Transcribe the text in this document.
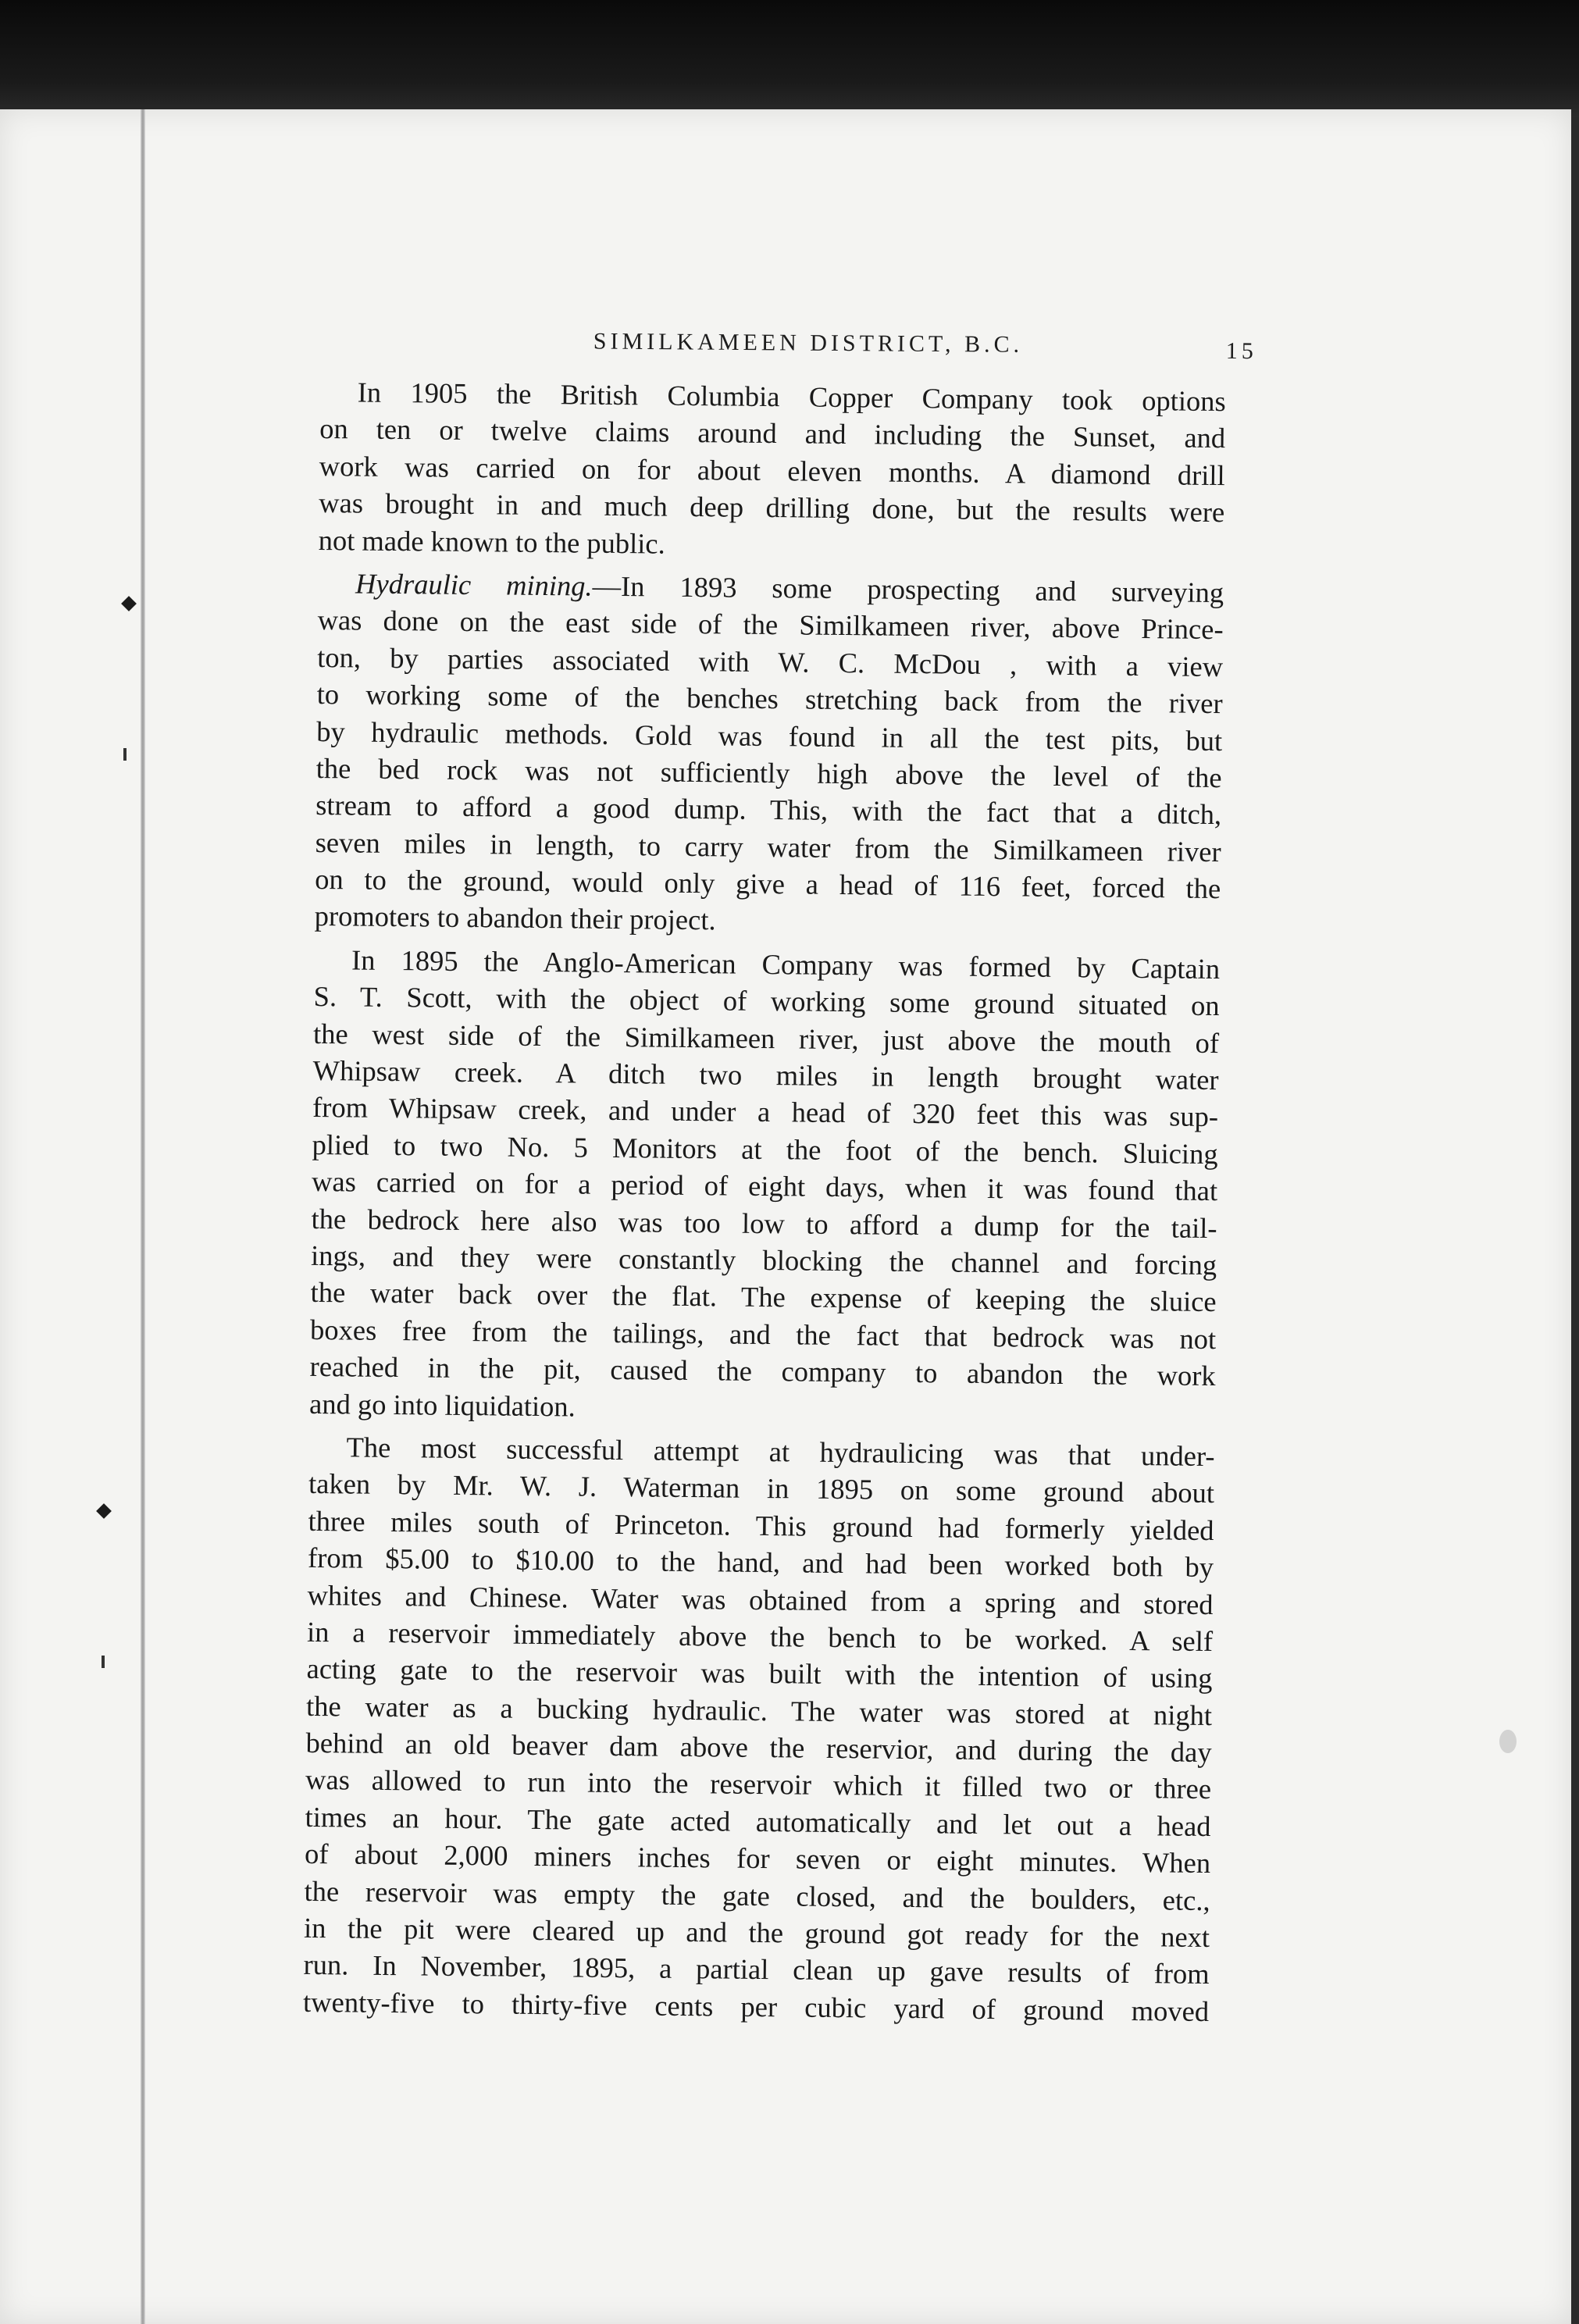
SIMILKAMEEN DISTRICT, B.C.	15
In 1905 the British Columbia Copper Company took options
on ten or twelve claims around and including the Sunset, and
work was carried on for about eleven months. A diamond drill
was brought in and much deep drilling done, but the results were
not made known to the public.
Hydraulic mining.—In 1893 some prospecting and surveying
was done on the east side of the Similkameen river, above Prince-
ton, by parties associated with W. C. McDou , with a view
to working some of the benches stretching back from the river
by hydraulic methods. Gold was found in all the test pits, but
the bed rock was not sufficiently high above the level of the
stream to afford a good dump. This, with the fact that a ditch,
seven miles in length, to carry water from the Similkameen river
on to the ground, would only give a head of 116 feet, forced the
promoters to abandon their project.
In 1895 the Anglo-American Company was formed by Captain
S. T. Scott, with the object of working some ground situated on
the west side of the Similkameen river, just above the mouth of
Whipsaw creek. A ditch two miles in length brought water
from Whipsaw creek, and under a head of 320 feet this was sup-
plied to two No. 5 Monitors at the foot of the bench. Sluicing
was carried on for a period of eight days, when it was found that
the bedrock here also was too low to afford a dump for the tail-
ings, and they were constantly blocking the channel and forcing
the water back over the flat. The expense of keeping the sluice
boxes free from the tailings, and the fact that bedrock was not
reached in the pit, caused the company to abandon the work
and go into liquidation.
The most successful attempt at hydraulicing was that under-
taken by Mr. W. J. Waterman in 1895 on some ground about
three miles south of Princeton. This ground had formerly yielded
from $5.00 to $10.00 to the hand, and had been worked both by
whites and Chinese. Water was obtained from a spring and stored
in a reservoir immediately above the bench to be worked. A self
acting gate to the reservoir was built with the intention of using
the water as a bucking hydraulic. The water was stored at night
behind an old beaver dam above the reservior, and during the day
was allowed to run into the reservoir which it filled two or three
times an hour. The gate acted automatically and let out a head
of about 2,000 miners inches for seven or eight minutes. When
the reservoir was empty the gate closed, and the boulders, etc.,
in the pit were cleared up and the ground got ready for the next
run. In November, 1895, a partial clean up gave results of from
twenty-five to thirty-five cents per cubic yard of ground moved
